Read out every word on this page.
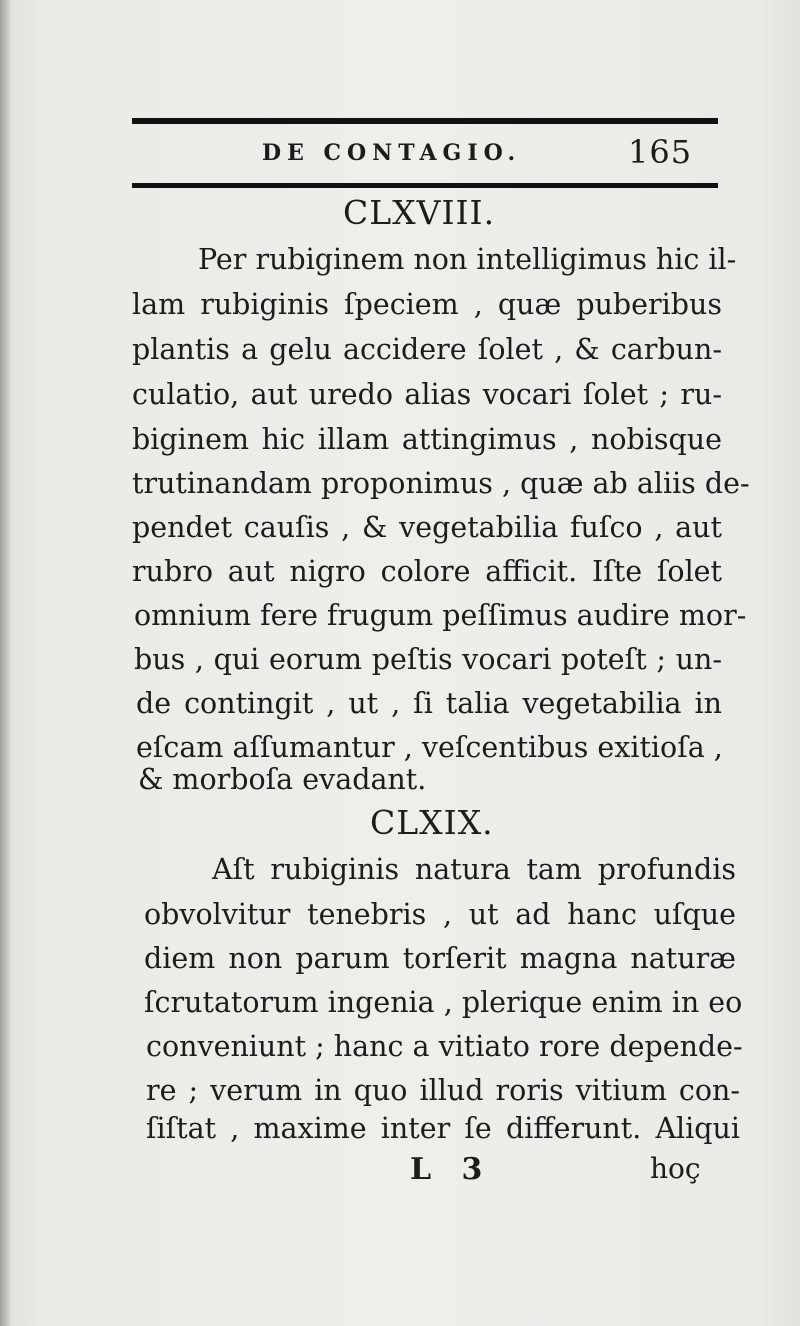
DE CONTAGIO.	165
CLXVIII.
Per rubiginem non intelligimus hic il-
lam rubiginis ſpeciem , quæ puberibus
plantis a gelu accidere ſolet , & carbun-
culatio, aut uredo alias vocari ſolet ; ru-
biginem hic illam attingimus , nobisque
trutinandam proponimus , quæ ab aliis de-
pendet cauſis , & vegetabilia fuſco , aut
rubro aut nigro colore afficit. Iſte ſolet
omnium fere frugum peſſimus audire mor-
bus , qui eorum peſtis vocari poteſt ; un-
de contingit , ut , ſi talia vegetabilia in
eſcam aſſumantur , veſcentibus exitioſa ,
& morboſa evadant.
CLXIX.
Aſt rubiginis natura tam profundis
obvolvitur tenebris , ut ad hanc uſque
diem non parum torſerit magna naturæ
ſcrutatorum ingenia , plerique enim in eo
conveniunt ; hanc a vitiato rore depende-
re ; verum in quo illud roris vitium con-
ſiſtat , maxime inter ſe differunt. Aliqui
L 3	hoç
